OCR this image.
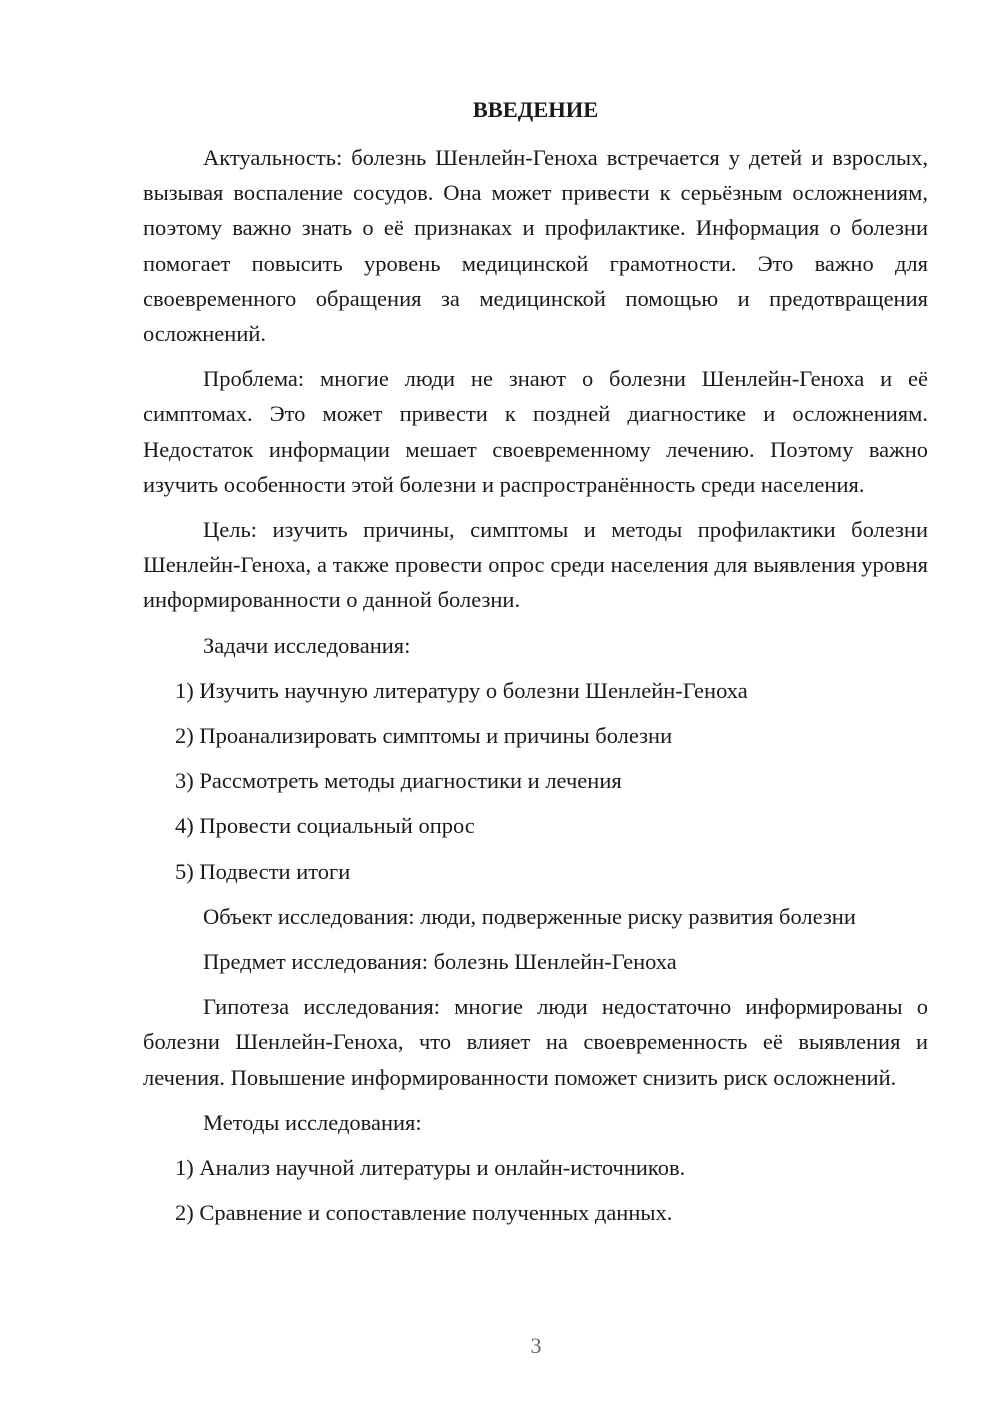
ВВЕДЕНИЕ

Актуальность: болезнь Шенлейн-Геноха встречается у детей и взрослых, вызывая воспаление сосудов. Она может привести к серьёзным осложнениям, поэтому важно знать о её признаках и профилактике. Информация о болезни помогает повысить уровень медицинской грамотности. Это важно для своевременного обращения за медицинской помощью и предотвращения осложнений.

Проблема: многие люди не знают о болезни Шенлейн-Геноха и её симптомах. Это может привести к поздней диагностике и осложнениям. Недостаток информации мешает своевременному лечению. Поэтому важно изучить особенности этой болезни и распространённость среди населения.

Цель: изучить причины, симптомы и методы профилактики болезни Шенлейн-Геноха, а также провести опрос среди населения для выявления уровня информированности о данной болезни.

Задачи исследования:

1) Изучить научную литературу о болезни Шенлейн-Геноха

2) Проанализировать симптомы и причины болезни

3) Рассмотреть методы диагностики и лечения

4) Провести социальный опрос

5) Подвести итоги

Объект исследования: люди, подверженные риску развития болезни

Предмет исследования: болезнь Шенлейн-Геноха

Гипотеза исследования: многие люди недостаточно информированы о болезни Шенлейн-Геноха, что влияет на своевременность её выявления и лечения. Повышение информированности поможет снизить риск осложнений.

Методы исследования:

1) Анализ научной литературы и онлайн-источников.

2) Сравнение и сопоставление полученных данных.

3
